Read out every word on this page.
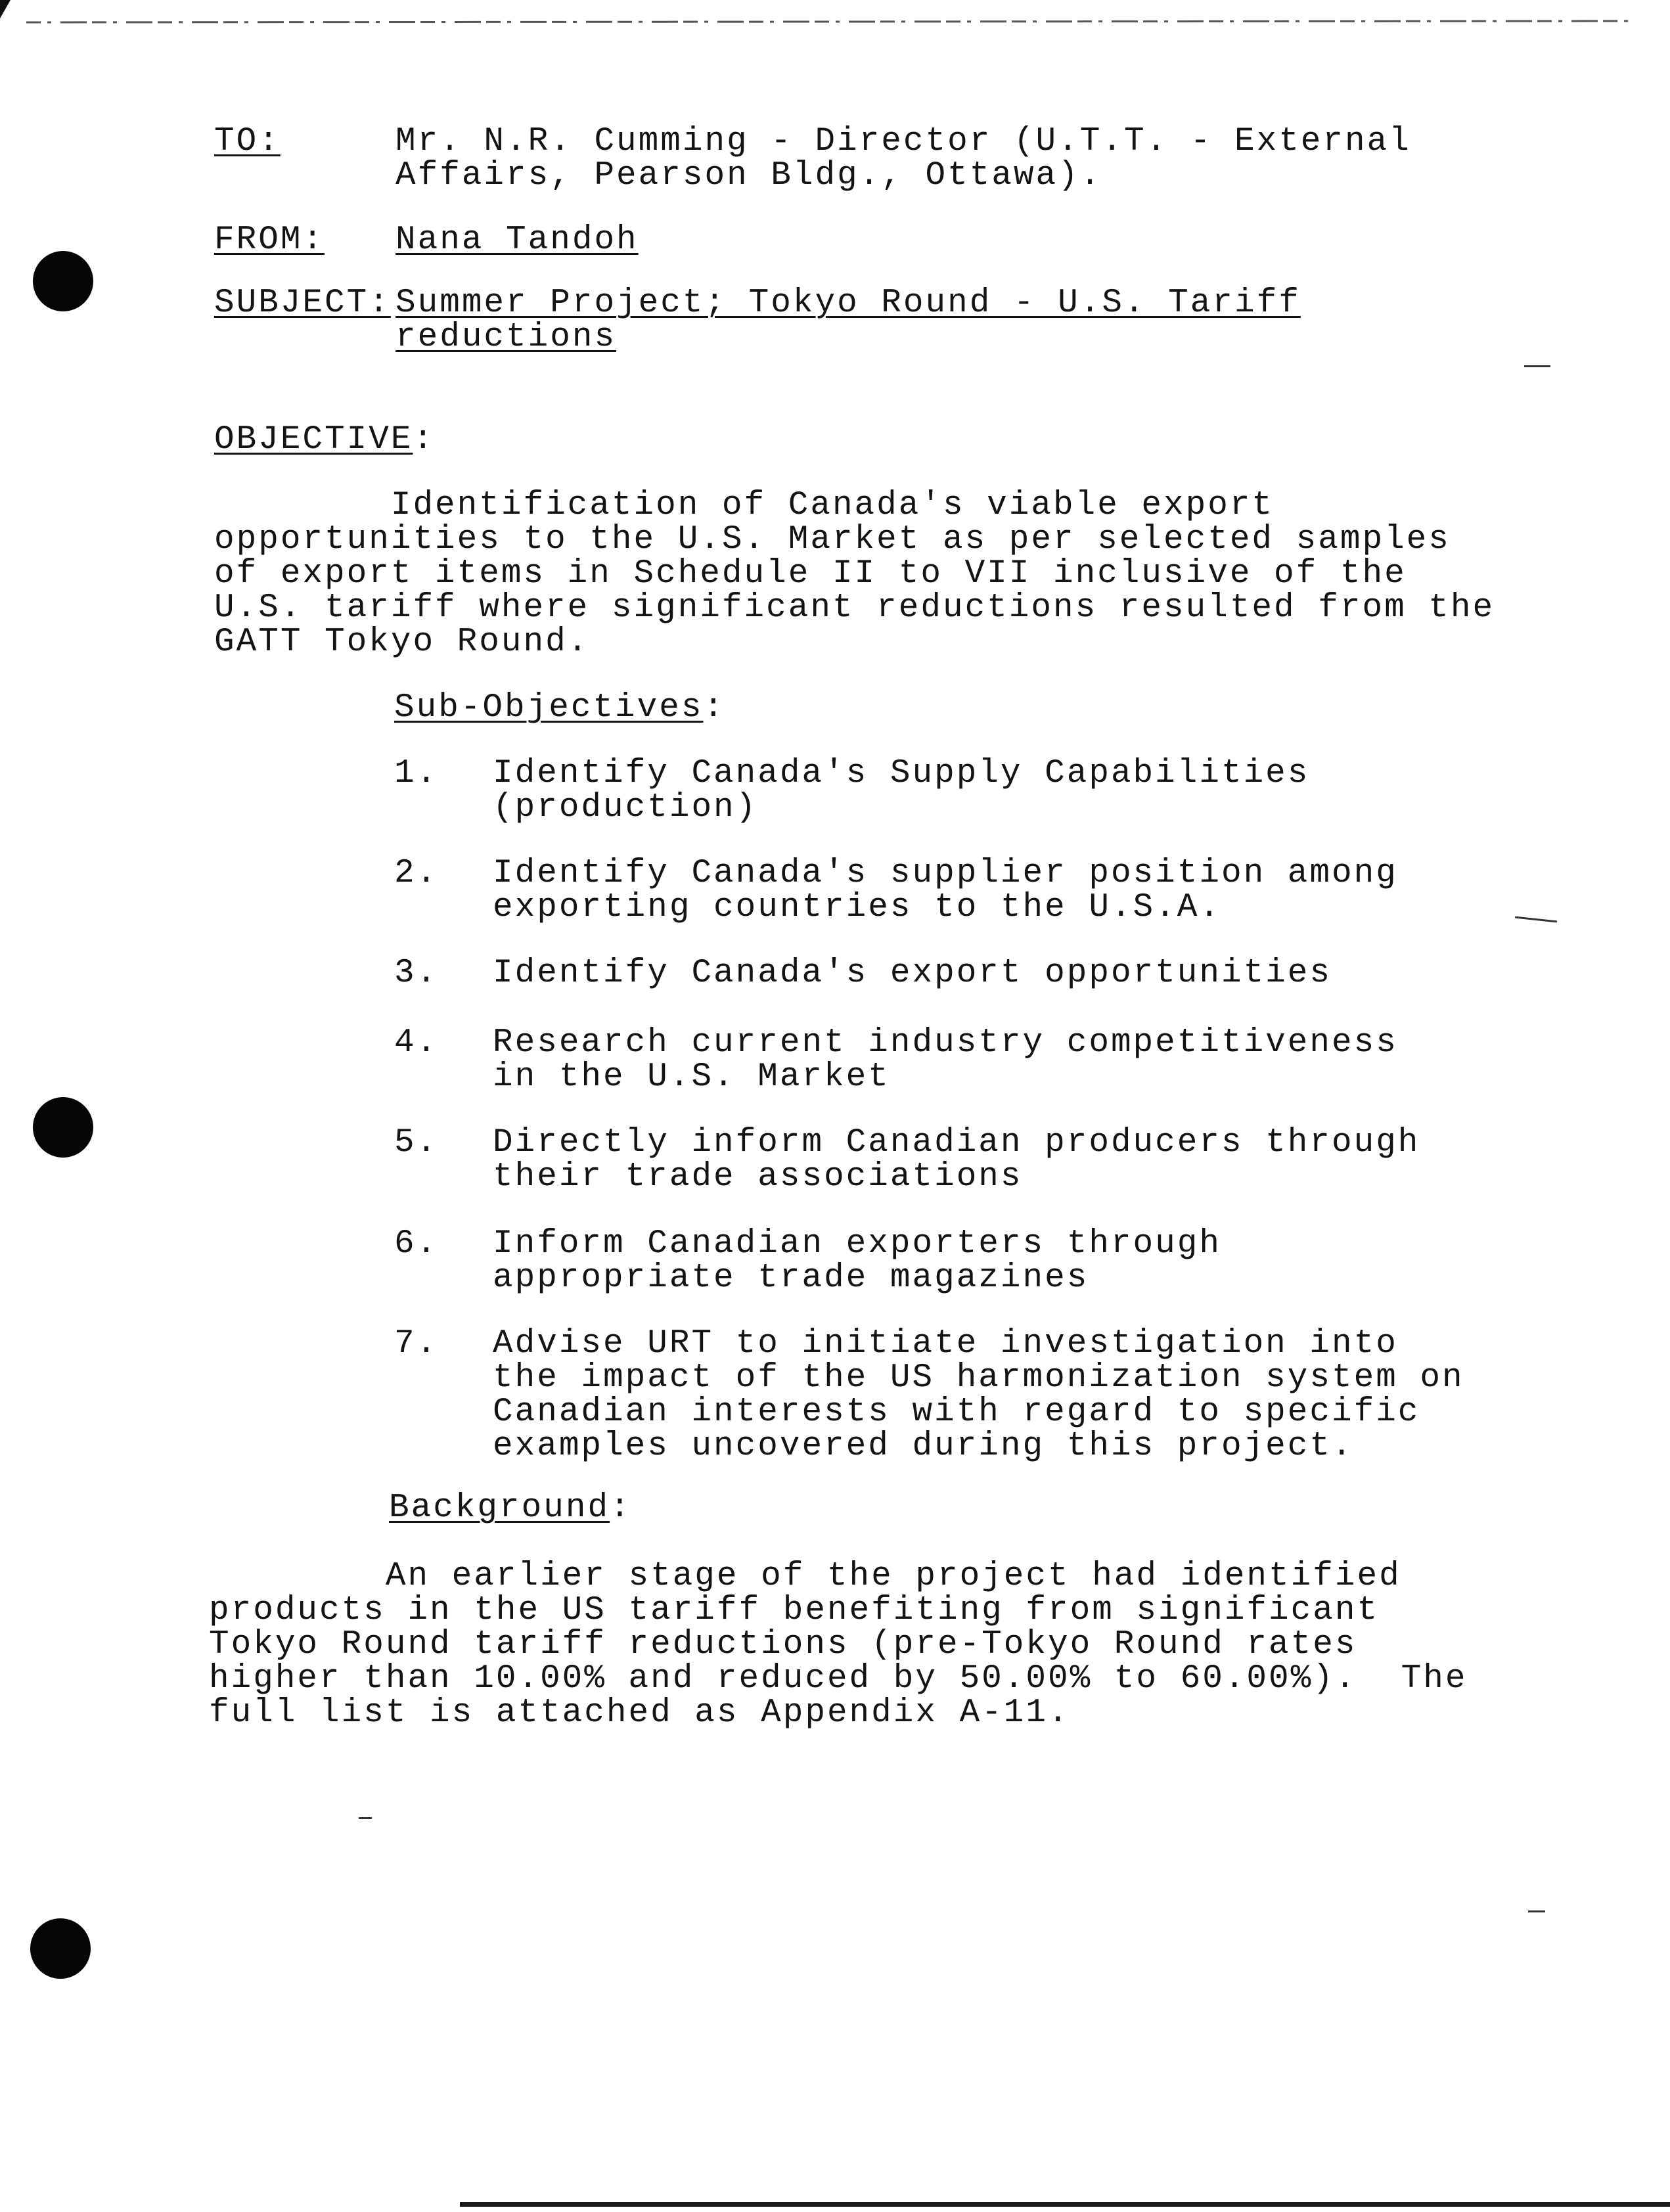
TO:	Mr. N.R. Cumming - Director (U.T.T. - External
Affairs, Pearson Bldg., Ottawa).
FROM: Nana Tandoh
SUBJECT: Summer Project; Tokyo Round - U.S. Tariff
reductions
OBJECTIVE:
Identification of Canada's viable export
opportunities to the U.S. Market as per selected samples
of export items in Schedule II to VII inclusive of the
U.S. tariff where significant reductions resulted from the
GATT Tokyo Round.
Sub-Objectives:
1. Identify Canada's Supply Capabilities
(production)
2. Identify Canada's supplier position among
exporting countries to the U.S.A.
3. Identify Canada's export opportunities
4. Research current industry competitiveness
in the U.S. Market
5. Directly inform Canadian producers through
their trade associations
6. Inform Canadian exporters through
appropriate trade magazines
7. Advise URT to initiate investigation into
the impact of the US harmonization system on
Canadian interests with regard to specific
examples uncovered during this project.
Background:
An earlier stage of the project had identified
products in the US tariff benefiting from significant
Tokyo Round tariff reductions (pre-Tokyo Round rates
higher than 10.00% and reduced by 50.00% to 60.00%).  The
full list is attached as Appendix A-11.
